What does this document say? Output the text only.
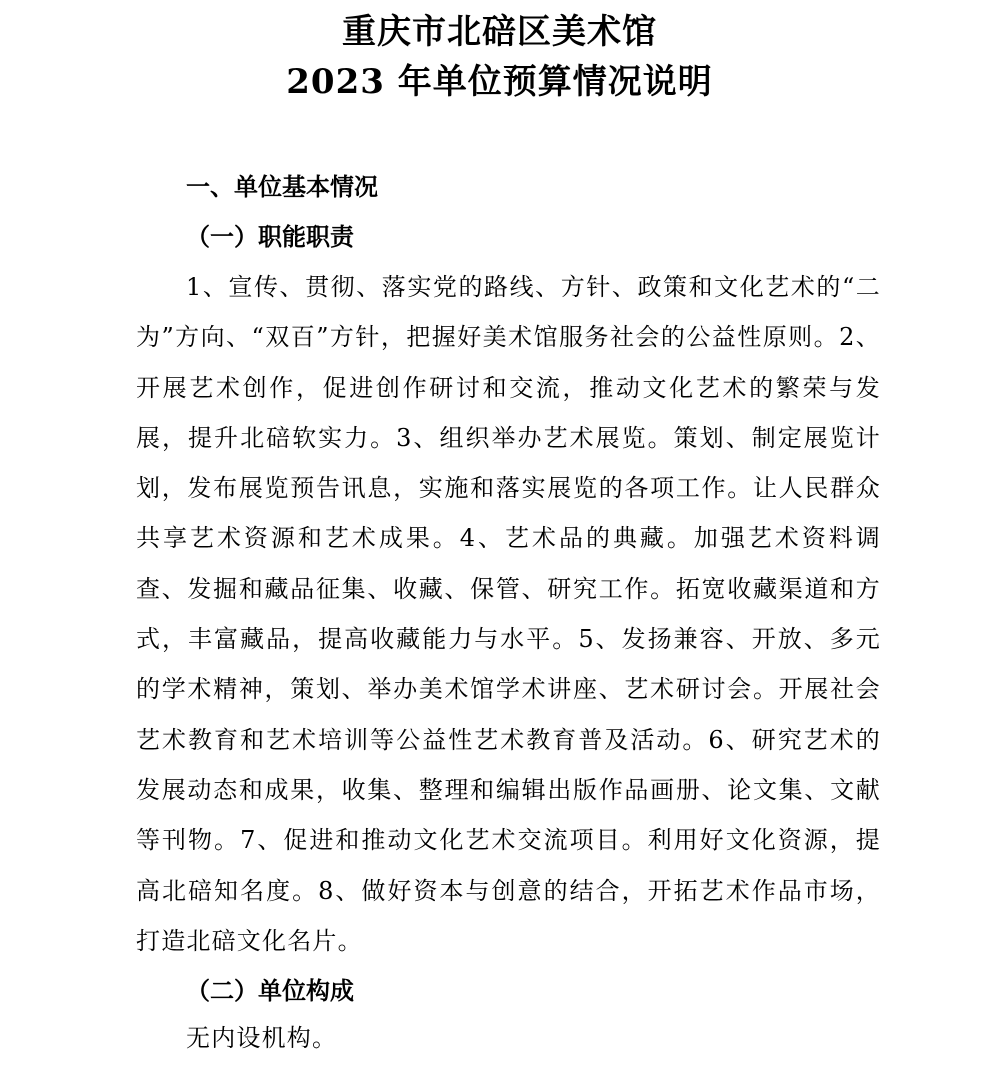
重庆市北碚区美术馆
2023 年单位预算情况说明
一、单位基本情况
（一）职能职责

1、宣传、贯彻、落实党的路线、方针、政策和文化艺术的“二为”方向、“双百”方针，把握好美术馆服务社会的公益性原则。2、开展艺术创作，促进创作研讨和交流，推动文化艺术的繁荣与发展，提升北碚软实力。3、组织举办艺术展览。策划、制定展览计划，发布展览预告讯息，实施和落实展览的各项工作。让人民群众共享艺术资源和艺术成果。4、艺术品的典藏。加强艺术资料调查、发掘和藏品征集、收藏、保管、研究工作。拓宽收藏渠道和方式，丰富藏品，提高收藏能力与水平。5、发扬兼容、开放、多元的学术精神，策划、举办美术馆学术讲座、艺术研讨会。开展社会艺术教育和艺术培训等公益性艺术教育普及活动。6、研究艺术的发展动态和成果，收集、整理和编辑出版作品画册、论文集、文献等刊物。7、促进和推动文化艺术交流项目。利用好文化资源，提高北碚知名度。8、做好资本与创意的结合，开拓艺术作品市场，打造北碚文化名片。

（二）单位构成

无内设机构。
